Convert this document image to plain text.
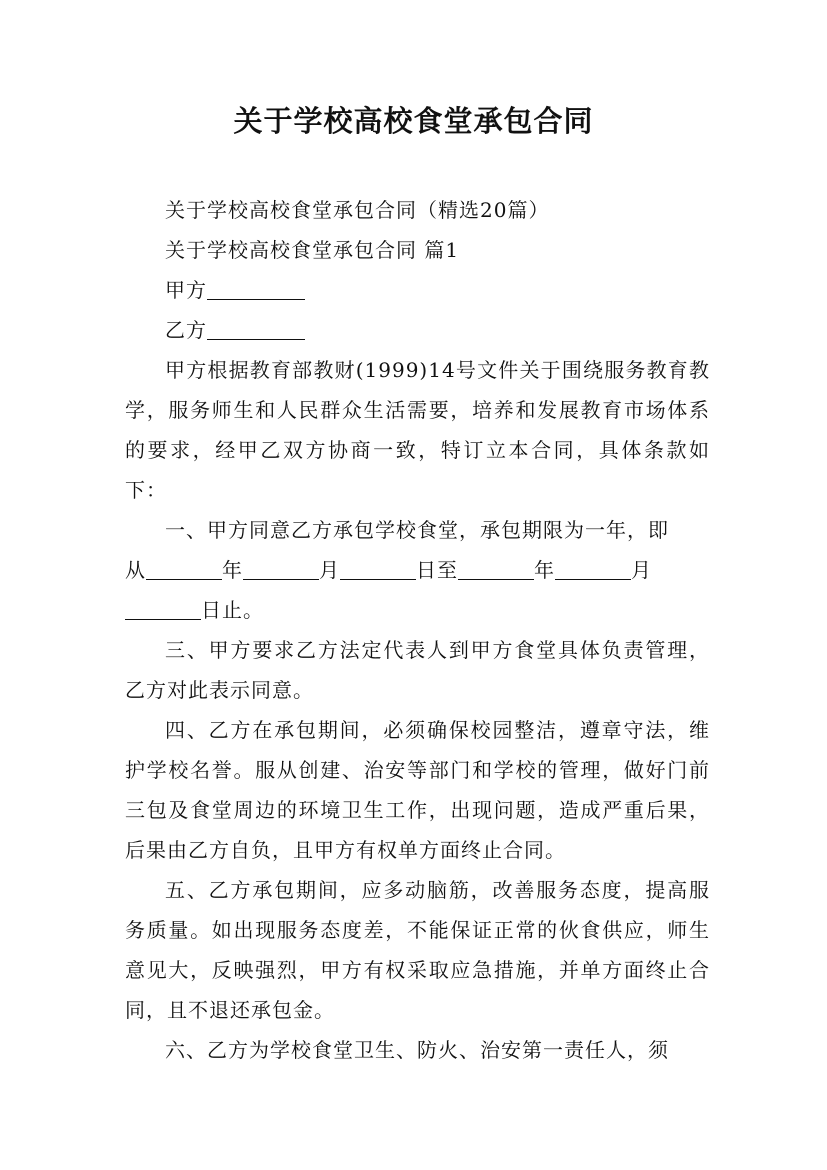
关于学校高校食堂承包合同
关于学校高校食堂承包合同（精选20篇）
关于学校高校食堂承包合同 篇1
甲方
乙方

甲方根据教育部教财(1999)14号文件关于围绕服务教育教学，服务师生和人民群众生活需要，培养和发展教育市场体系的要求，经甲乙双方协商一致，特订立本合同，具体条款如下：

一、甲方同意乙方承包学校食堂，承包期限为一年，即
从	年	月	日至	年	月
日止。

三、甲方要求乙方法定代表人到甲方食堂具体负责管理，乙方对此表示同意。

四、乙方在承包期间，必须确保校园整洁，遵章守法，维护学校名誉。服从创建、治安等部门和学校的管理，做好门前三包及食堂周边的环境卫生工作，出现问题，造成严重后果，后果由乙方自负，且甲方有权单方面终止合同。

五、乙方承包期间，应多动脑筋，改善服务态度，提高服务质量。如出现服务态度差，不能保证正常的伙食供应，师生意见大，反映强烈，甲方有权采取应急措施，并单方面终止合同，且不退还承包金。

六、乙方为学校食堂卫生、防火、治安第一责任人，须
